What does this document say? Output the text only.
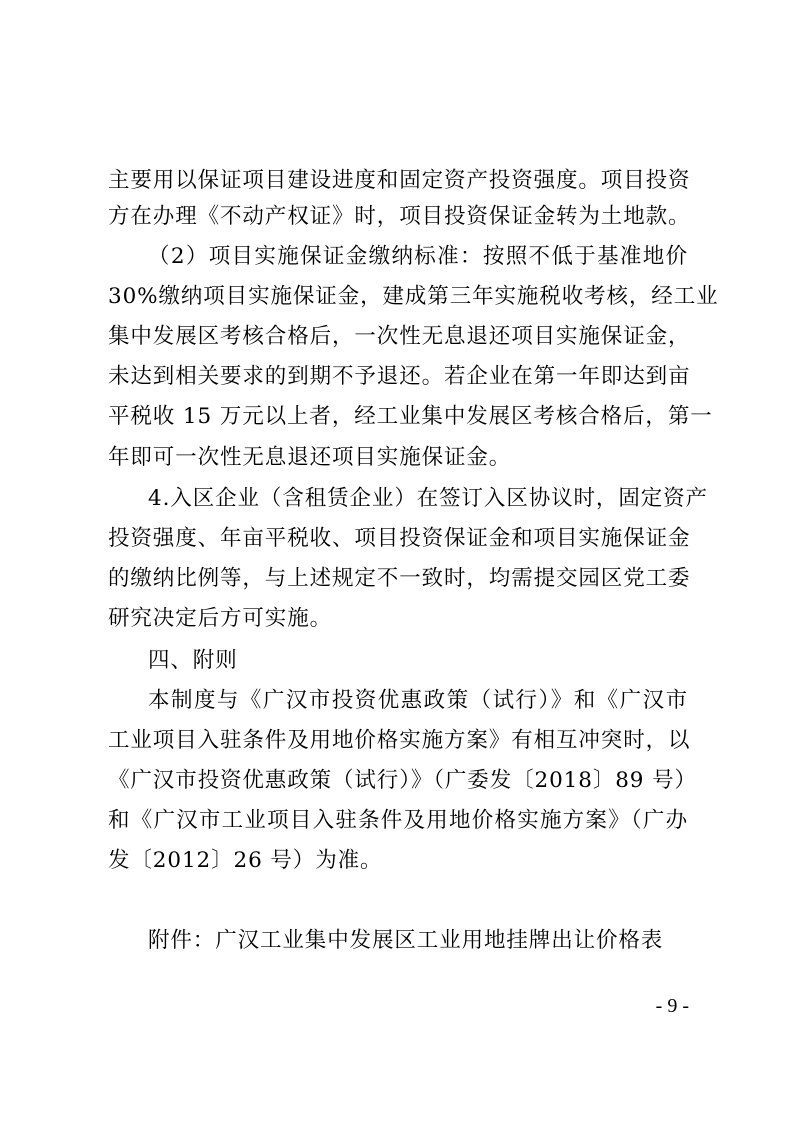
主要用以保证项目建设进度和固定资产投资强度。项目投资
方在办理《不动产权证》时，项目投资保证金转为土地款。
（2）项目实施保证金缴纳标准：按照不低于基准地价
30%缴纳项目实施保证金，建成第三年实施税收考核，经工业
集中发展区考核合格后，一次性无息退还项目实施保证金，
未达到相关要求的到期不予退还。若企业在第一年即达到亩
平税收 15 万元以上者，经工业集中发展区考核合格后，第一
年即可一次性无息退还项目实施保证金。
4.入区企业（含租赁企业）在签订入区协议时，固定资产
投资强度、年亩平税收、项目投资保证金和项目实施保证金
的缴纳比例等，与上述规定不一致时，均需提交园区党工委
研究决定后方可实施。
四、附则
本制度与《广汉市投资优惠政策（试行）》和《广汉市
工业项目入驻条件及用地价格实施方案》有相互冲突时，以
《广汉市投资优惠政策（试行）》（广委发〔2018〕89 号）
和《广汉市工业项目入驻条件及用地价格实施方案》（广办
发〔2012〕26 号）为准。
附件：广汉工业集中发展区工业用地挂牌出让价格表
- 9 -
